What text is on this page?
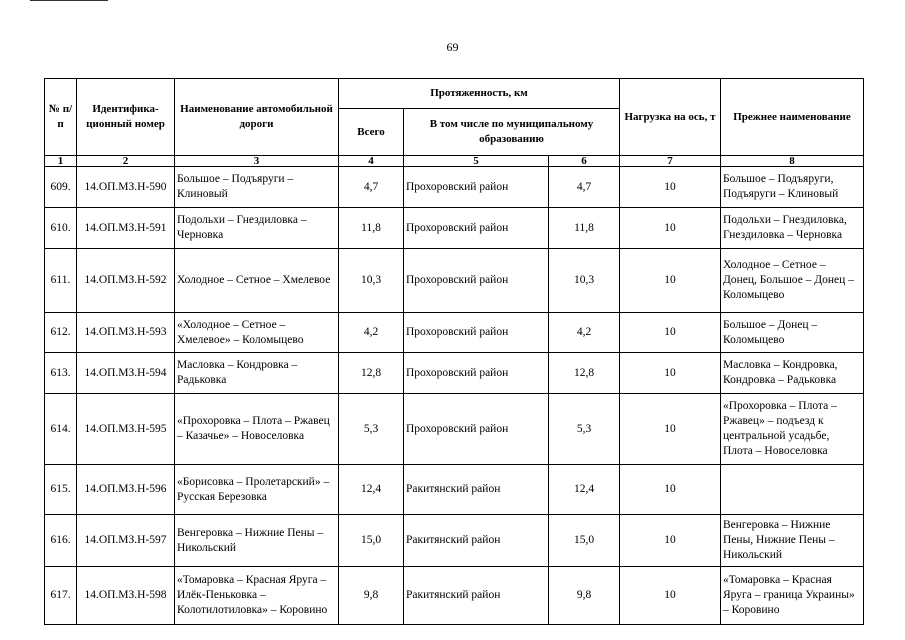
69
№ п/п	Идентифика-ционный номер	Наименование автомобильной дороги	Протяженность, км			Нагрузка на ось, т	Прежнее наименование
			Всего	В том числе по муниципальному образованию			
1	2	3	4	5	6	7	8
609.	14.ОП.МЗ.Н-590	Большое – Подъяруги – Клиновый	4,7	Прохоровский район	4,7	10	Большое – Подъяруги, Подъяруги – Клиновый
610.	14.ОП.МЗ.Н-591	Подольхи – Гнездиловка – Черновка	11,8	Прохоровский район	11,8	10	Подольхи – Гнездиловка, Гнездиловка – Черновка
611.	14.ОП.МЗ.Н-592	Холодное – Сетное – Хмелевое	10,3	Прохоровский район	10,3	10	Холодное – Сетное – Донец, Большое – Донец – Коломыцево
612.	14.ОП.МЗ.Н-593	«Холодное – Сетное – Хмелевое» – Коломыцево	4,2	Прохоровский район	4,2	10	Большое – Донец – Коломыцево
613.	14.ОП.МЗ.Н-594	Масловка – Кондровка – Радьковка	12,8	Прохоровский район	12,8	10	Масловка – Кондровка, Кондровка – Радьковка
614.	14.ОП.МЗ.Н-595	«Прохоровка – Плота – Ржавец – Казачье» – Новоселовка	5,3	Прохоровский район	5,3	10	«Прохоровка – Плота – Ржавец» – подъезд к центральной усадьбе, Плота – Новоселовка
615.	14.ОП.МЗ.Н-596	«Борисовка – Пролетарский» – Русская Березовка	12,4	Ракитянский район	12,4	10	
616.	14.ОП.МЗ.Н-597	Венгеровка – Нижние Пены – Никольский	15,0	Ракитянский район	15,0	10	Венгеровка – Нижние Пены, Нижние Пены – Никольский
617.	14.ОП.МЗ.Н-598	«Томаровка – Красная Яруга – Илёк-Пеньковка – Колотилотиловка» – Коровино	9,8	Ракитянский район	9,8	10	«Томаровка – Красная Яруга – граница Украины» – Коровино
